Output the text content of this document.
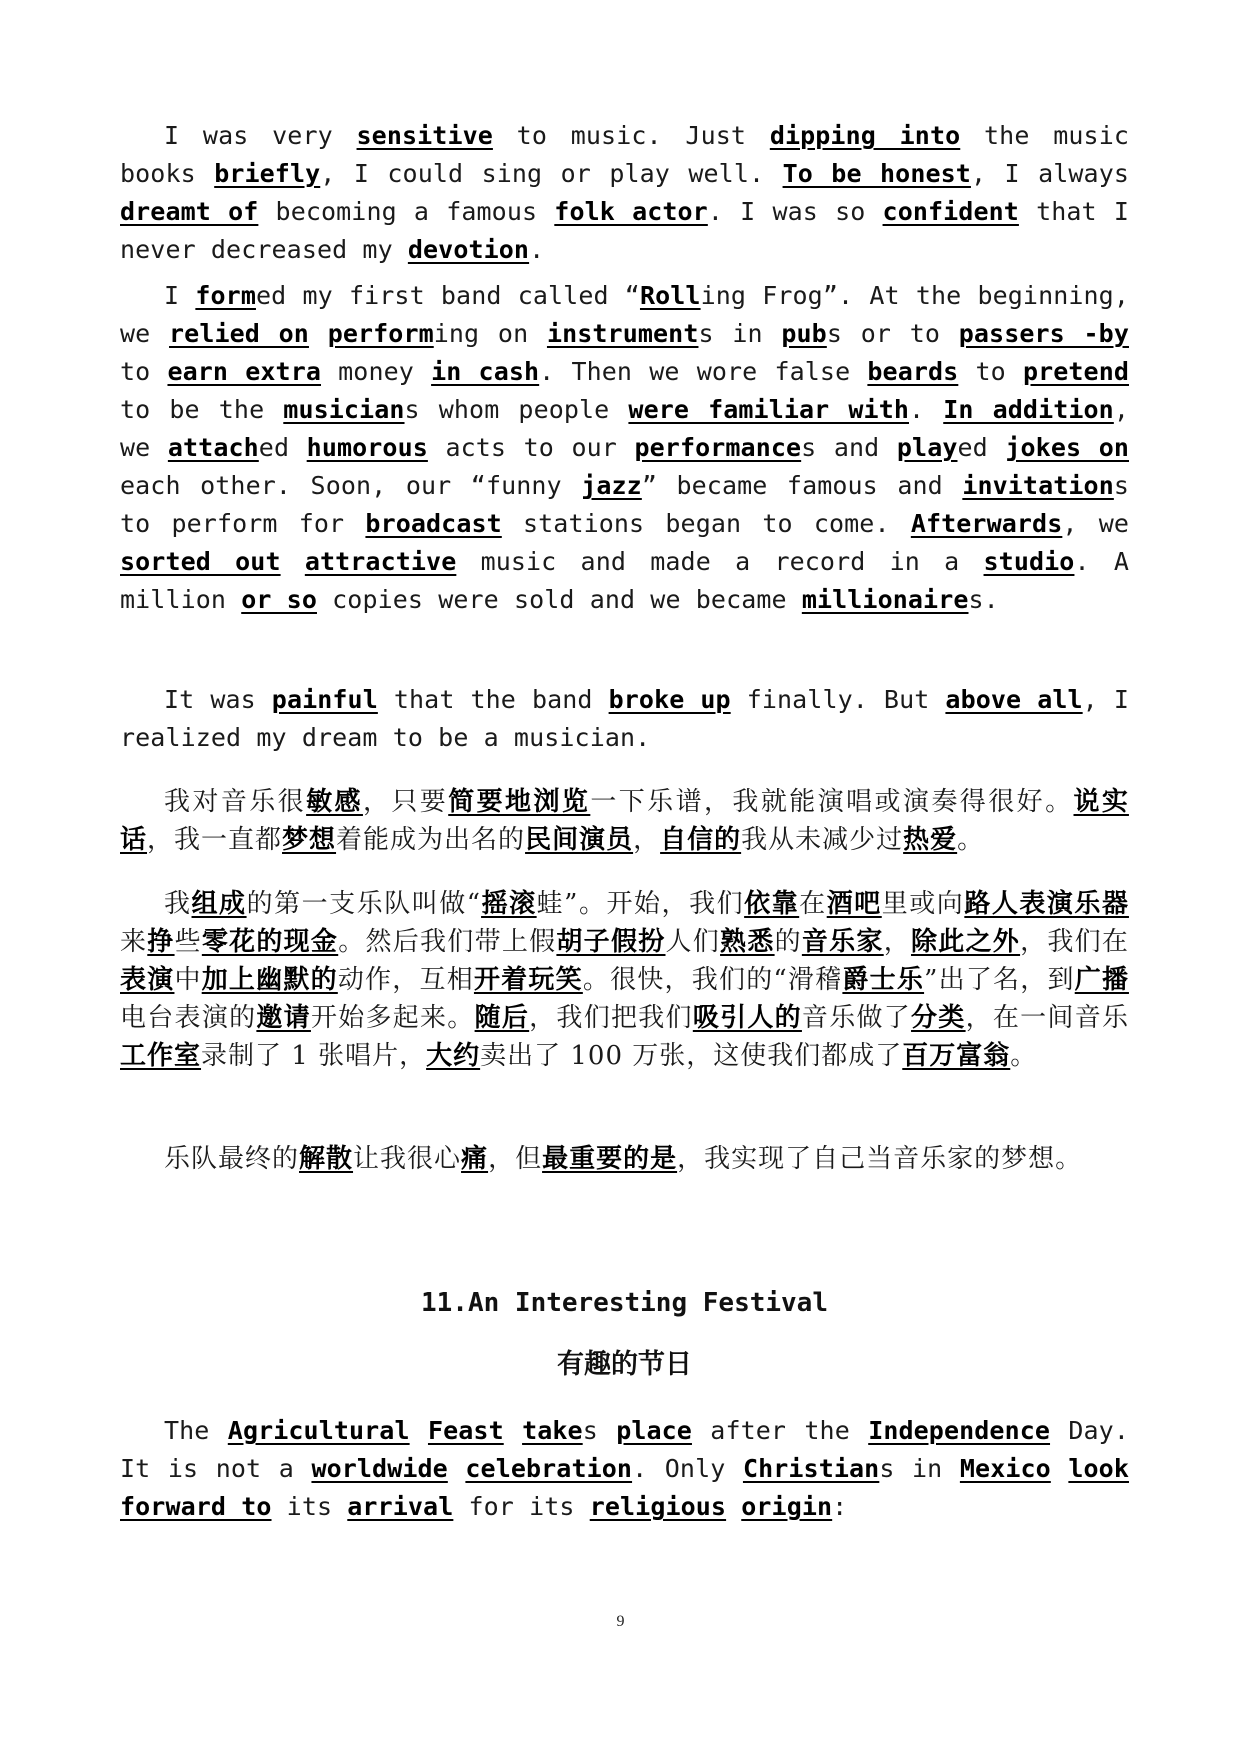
I was very sensitive to music. Just dipping into the music books briefly, I could sing or play well. To be honest, I always dreamt of becoming a famous folk actor. I was so confident that I never decreased my devotion.

I formed my first band called “Rolling Frog”. At the beginning, we relied on performing on instruments in pubs or to passers -by to earn extra money in cash. Then we wore false beards to pretend to be the musicians whom people were familiar with. In addition, we attached humorous acts to our performances and played jokes on each other. Soon, our “funny jazz” became famous and invitations to perform for broadcast stations began to come. Afterwards, we sorted out attractive music and made a record in a studio. A million or so copies were sold and we became millionaires.

It was painful that the band broke up finally. But above all, I realized my dream to be a musician.

我对音乐很敏感，只要简要地浏览一下乐谱，我就能演唱或演奏得很好。说实话，我一直都梦想着能成为出名的民间演员，自信的我从未减少过热爱。

我组成的第一支乐队叫做“摇滚蛙”。开始，我们依靠在酒吧里或向路人表演乐器来挣些零花的现金。然后我们带上假胡子假扮人们熟悉的音乐家，除此之外，我们在表演中加上幽默的动作，互相开着玩笑。很快，我们的“滑稽爵士乐”出了名，到广播电台表演的邀请开始多起来。随后，我们把我们吸引人的音乐做了分类，在一间音乐工作室录制了 1 张唱片，大约卖出了 100 万张，这使我们都成了百万富翁。

乐队最终的解散让我很心痛，但最重要的是，我实现了自己当音乐家的梦想。

11.An Interesting Festival
有趣的节日

The Agricultural Feast takes place after the Independence Day. It is not a worldwide celebration. Only Christians in Mexico look forward to its arrival for its religious origin:

9
